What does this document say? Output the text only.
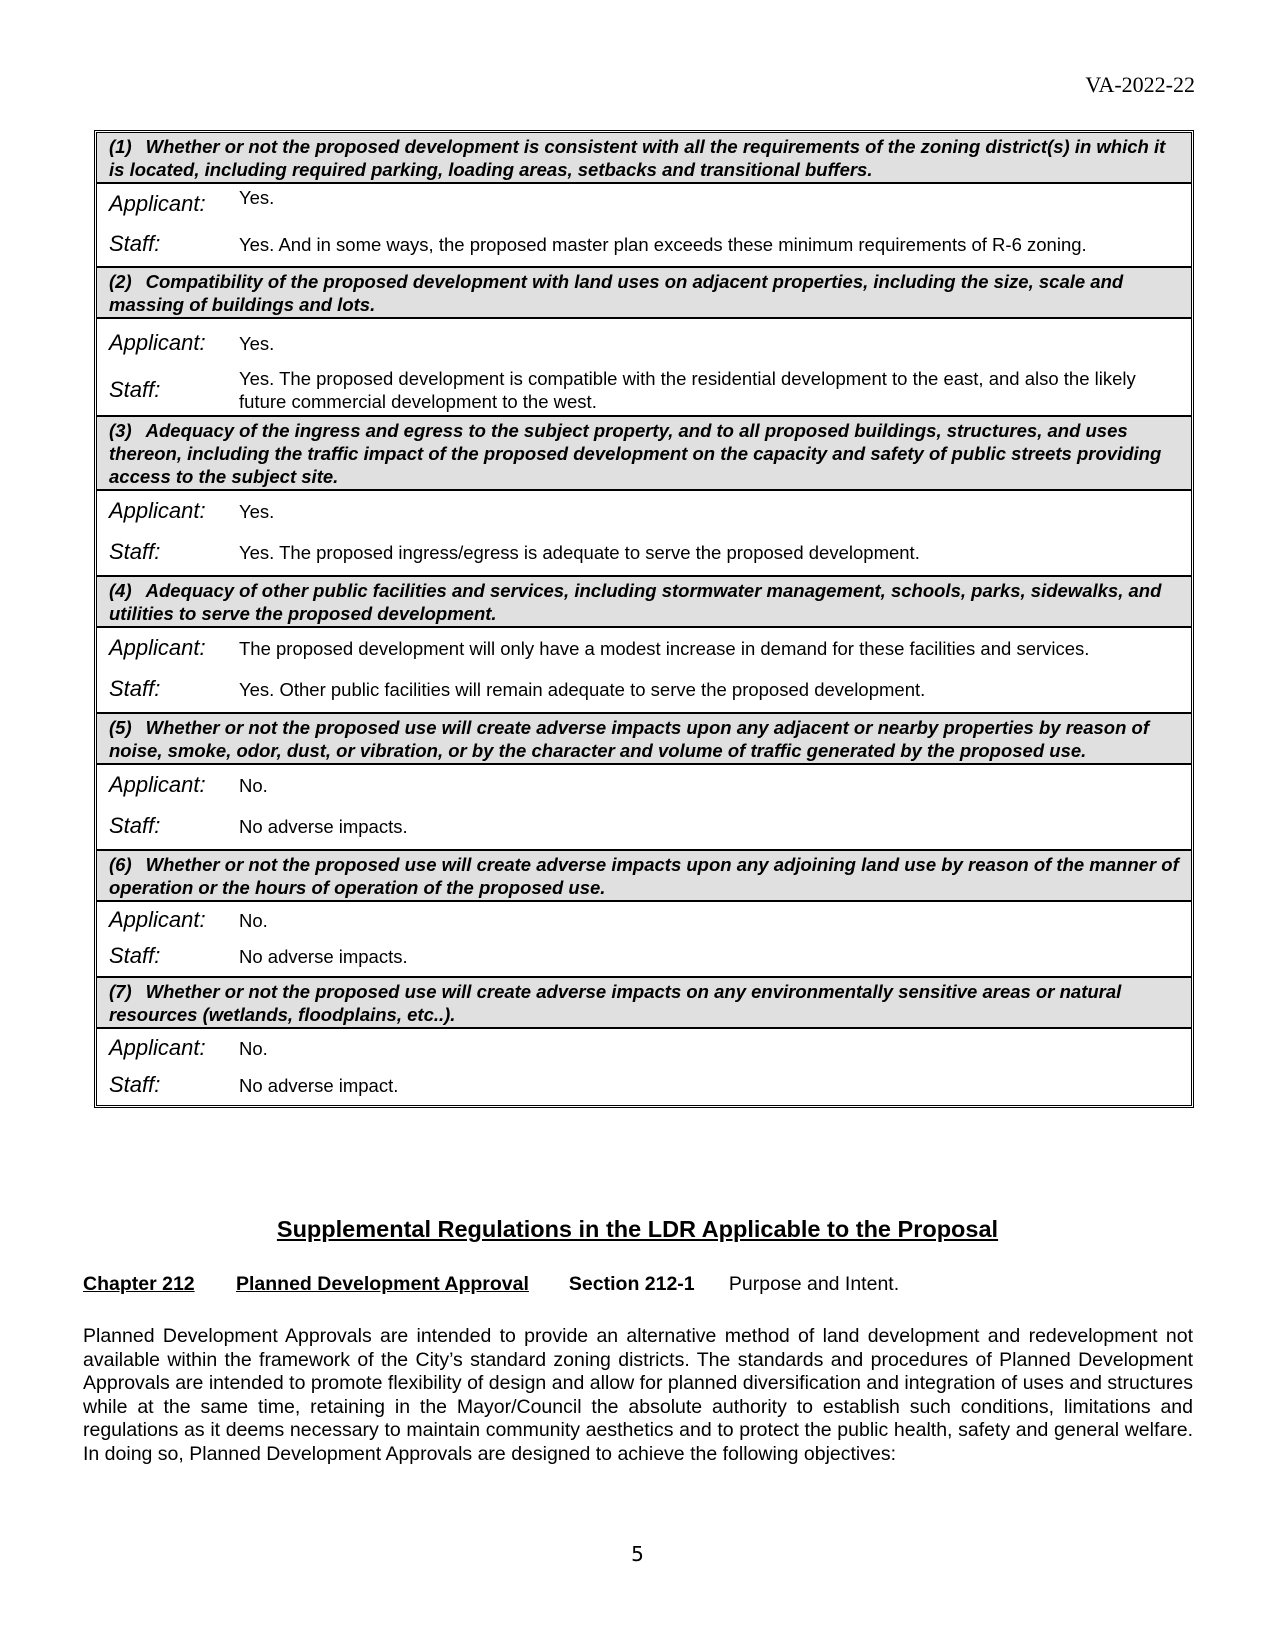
VA-2022-22
(1) Whether or not the proposed development is consistent with all the requirements of the zoning district(s) in which it is located, including required parking, loading areas, setbacks and transitional buffers.
Applicant:	Yes.
Staff:	Yes. And in some ways, the proposed master plan exceeds these minimum requirements of R-6 zoning.
(2) Compatibility of the proposed development with land uses on adjacent properties, including the size, scale and massing of buildings and lots.
Applicant:	Yes.
Staff:	Yes. The proposed development is compatible with the residential development to the east, and also the likely future commercial development to the west.
(3) Adequacy of the ingress and egress to the subject property, and to all proposed buildings, structures, and uses thereon, including the traffic impact of the proposed development on the capacity and safety of public streets providing access to the subject site.
Applicant:	Yes.
Staff:	Yes. The proposed ingress/egress is adequate to serve the proposed development.
(4) Adequacy of other public facilities and services, including stormwater management, schools, parks, sidewalks, and utilities to serve the proposed development.
Applicant:	The proposed development will only have a modest increase in demand for these facilities and services.
Staff:	Yes. Other public facilities will remain adequate to serve the proposed development.
(5) Whether or not the proposed use will create adverse impacts upon any adjacent or nearby properties by reason of noise, smoke, odor, dust, or vibration, or by the character and volume of traffic generated by the proposed use.
Applicant:	No.
Staff:	No adverse impacts.
(6) Whether or not the proposed use will create adverse impacts upon any adjoining land use by reason of the manner of operation or the hours of operation of the proposed use.
Applicant:	No.
Staff:	No adverse impacts.
(7) Whether or not the proposed use will create adverse impacts on any environmentally sensitive areas or natural resources (wetlands, floodplains, etc..).
Applicant:	No.
Staff:	No adverse impact.
Supplemental Regulations in the LDR Applicable to the Proposal
Chapter 212 Planned Development Approval Section 212-1 Purpose and Intent.
Planned Development Approvals are intended to provide an alternative method of land development and redevelopment not available within the framework of the City’s standard zoning districts. The standards and procedures of Planned Development Approvals are intended to promote flexibility of design and allow for planned diversification and integration of uses and structures while at the same time, retaining in the Mayor/Council the absolute authority to establish such conditions, limitations and regulations as it deems necessary to maintain community aesthetics and to protect the public health, safety and general welfare. In doing so, Planned Development Approvals are designed to achieve the following objectives:
5
